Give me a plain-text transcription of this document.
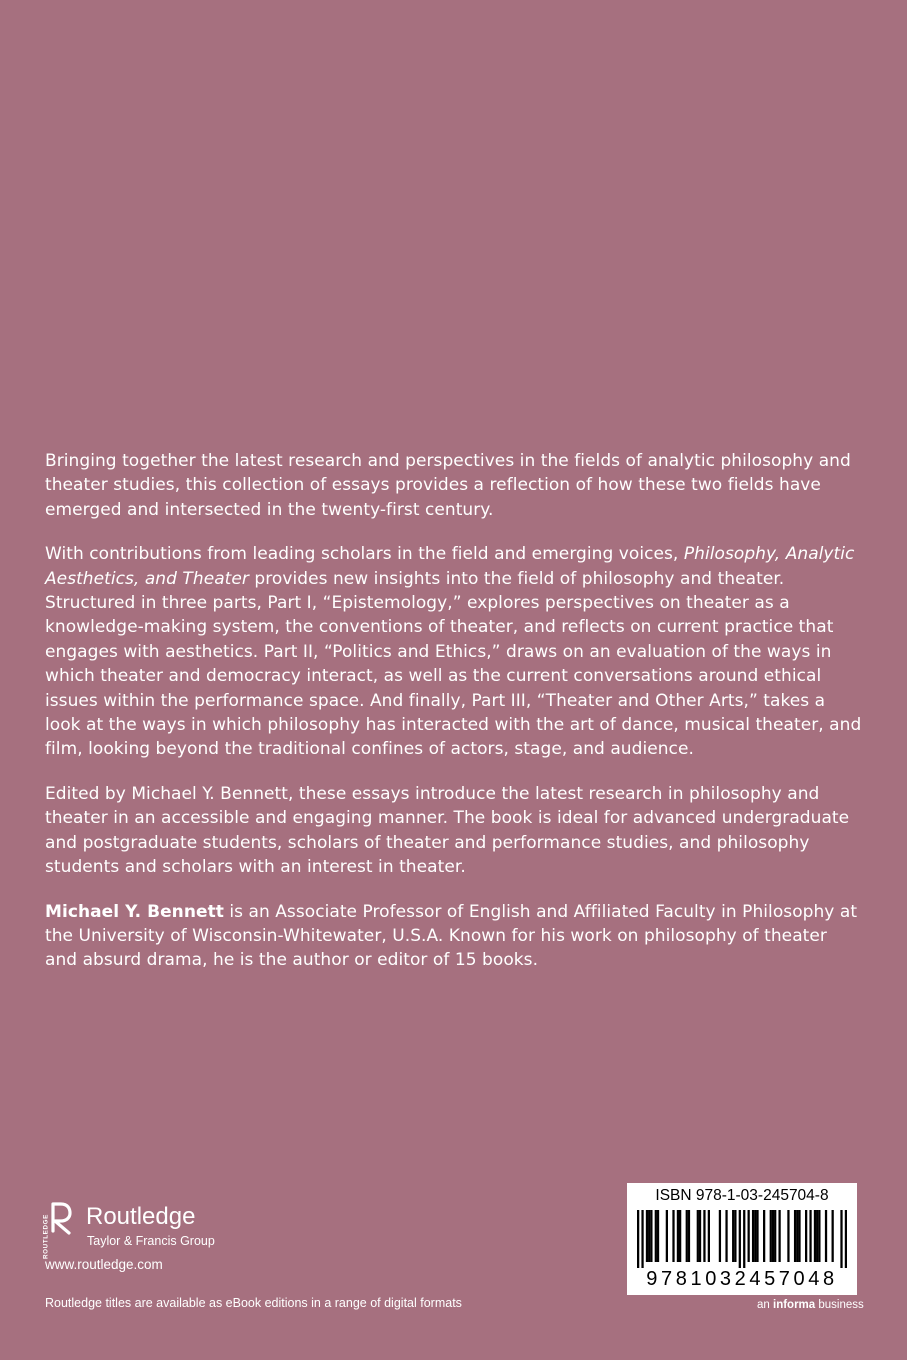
Bringing together the latest research and perspectives in the fields of analytic philosophy and theater studies, this collection of essays provides a reflection of how these two fields have emerged and intersected in the twenty-first century.

With contributions from leading scholars in the field and emerging voices, Philosophy, Analytic Aesthetics, and Theater provides new insights into the field of philosophy and theater. Structured in three parts, Part I, “Epistemology,” explores perspectives on theater as a knowledge-making system, the conventions of theater, and reflects on current practice that engages with aesthetics. Part II, “Politics and Ethics,” draws on an evaluation of the ways in which theater and democracy interact, as well as the current conversations around ethical issues within the performance space. And finally, Part III, “Theater and Other Arts,” takes a look at the ways in which philosophy has interacted with the art of dance, musical theater, and film, looking beyond the traditional confines of actors, stage, and audience.

Edited by Michael Y. Bennett, these essays introduce the latest research in philosophy and theater in an accessible and engaging manner. The book is ideal for advanced undergraduate and postgraduate students, scholars of theater and performance studies, and philosophy students and scholars with an interest in theater.

Michael Y. Bennett is an Associate Professor of English and Affiliated Faculty in Philosophy at the University of Wisconsin-Whitewater, U.S.A. Known for his work on philosophy of theater and absurd drama, he is the author or editor of 15 books.

ROUTLEDGE Routledge
Taylor & Francis Group
www.routledge.com
Routledge titles are available as eBook editions in a range of digital formats
ISBN 978-1-03-245704-8
9781032457048
an informa business
